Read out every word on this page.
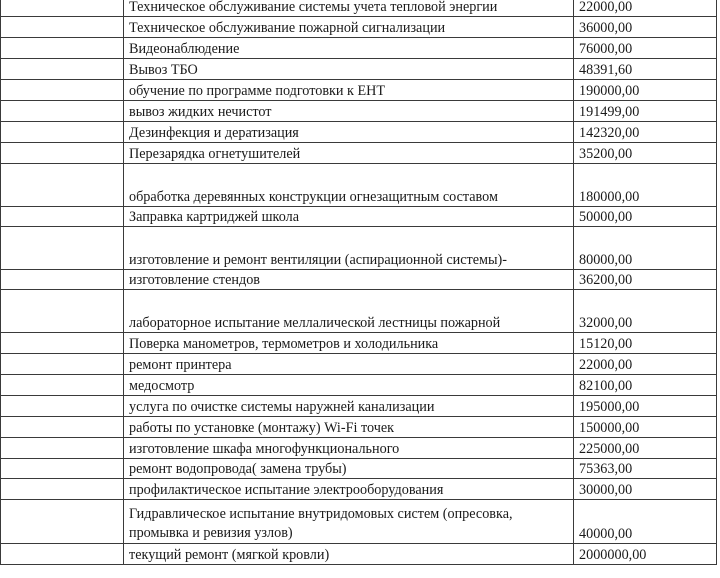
	Техническое обслуживание системы учета тепловой энергии	22000,00
	Техническое обслуживание пожарной сигнализации	36000,00
	Видеонаблюдение	76000,00
	Вывоз ТБО	48391,60
	обучение по программе подготовки к ЕНТ	190000,00
	вывоз жидких нечистот	191499,00
	Дезинфекция и дератизация	142320,00
	Перезарядка огнетушителей	35200,00
	обработка деревянных конструкции огнезащитным составом	180000,00
	Заправка картриджей школа	50000,00
	изготовление и ремонт вентиляции (аспирационной системы)-	80000,00
	изготовление стендов	36200,00
	лабораторное испытание меллалической лестницы пожарной	32000,00
	Поверка манометров, термометров и холодильника	15120,00
	ремонт принтера	22000,00
	медосмотр	82100,00
	услуга по очистке системы наружней канализации	195000,00
	работы по установке (монтажу) Wi-Fi точек	150000,00
	изготовление шкафа многофункционального	225000,00
	ремонт водопровода( замена трубы)	75363,00
	профилактическое испытание электрооборудования	30000,00
	Гидравлическое испытание внутридомовых систем (опресовка, промывка и ревизия узлов)	40000,00
	текущий ремонт (мягкой кровли)	2000000,00
